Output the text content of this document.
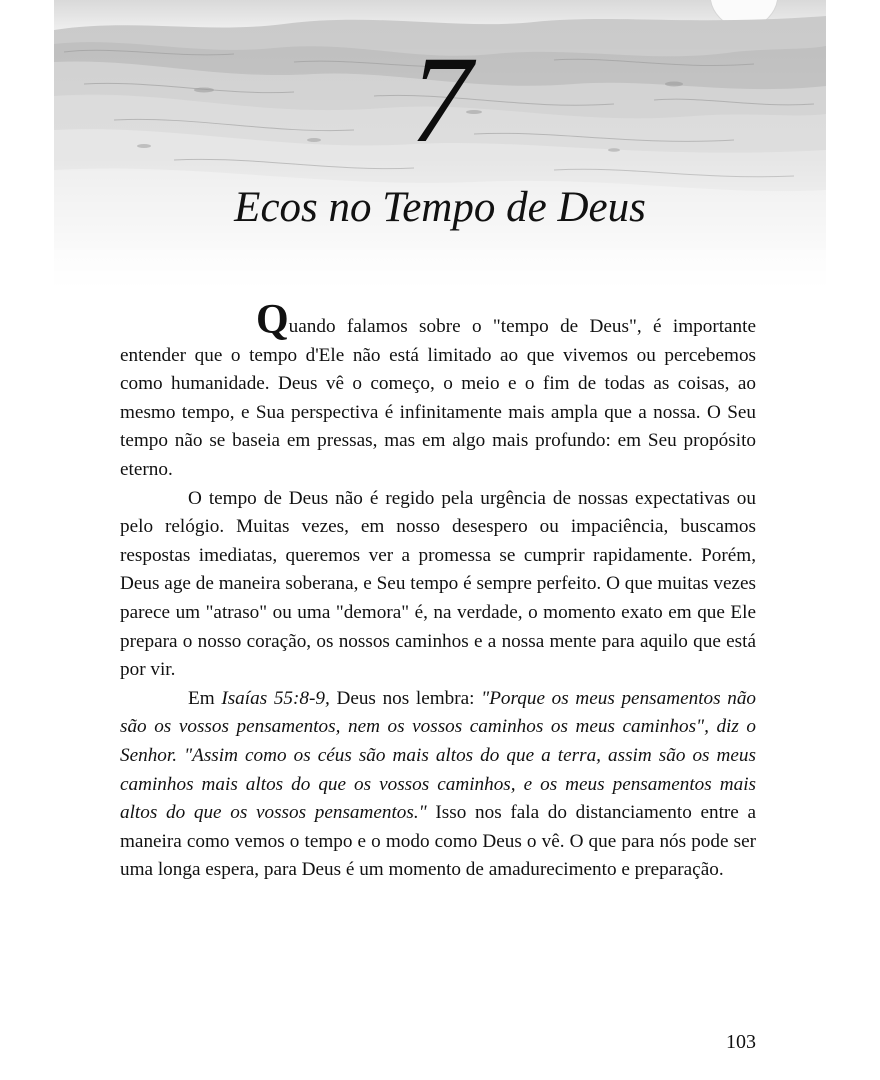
7
Ecos no Tempo de Deus

Quando falamos sobre o "tempo de Deus", é importante entender que o tempo d'Ele não está limitado ao que vivemos ou percebemos como humanidade. Deus vê o começo, o meio e o fim de todas as coisas, ao mesmo tempo, e Sua perspectiva é infinitamente mais ampla que a nossa. O Seu tempo não se baseia em pressas, mas em algo mais profundo: em Seu propósito eterno.

O tempo de Deus não é regido pela urgência de nossas expectativas ou pelo relógio. Muitas vezes, em nosso desespero ou impaciência, buscamos respostas imediatas, queremos ver a promessa se cumprir rapidamente. Porém, Deus age de maneira soberana, e Seu tempo é sempre perfeito. O que muitas vezes parece um "atraso" ou uma "demora" é, na verdade, o momento exato em que Ele prepara o nosso coração, os nossos caminhos e a nossa mente para aquilo que está por vir.

Em Isaías 55:8-9, Deus nos lembra: "Porque os meus pensamentos não são os vossos pensamentos, nem os vossos caminhos os meus caminhos", diz o Senhor. "Assim como os céus são mais altos do que a terra, assim são os meus caminhos mais altos do que os vossos caminhos, e os meus pensamentos mais altos do que os vossos pensamentos." Isso nos fala do distanciamento entre a maneira como vemos o tempo e o modo como Deus o vê. O que para nós pode ser uma longa espera, para Deus é um momento de amadurecimento e preparação.

103
